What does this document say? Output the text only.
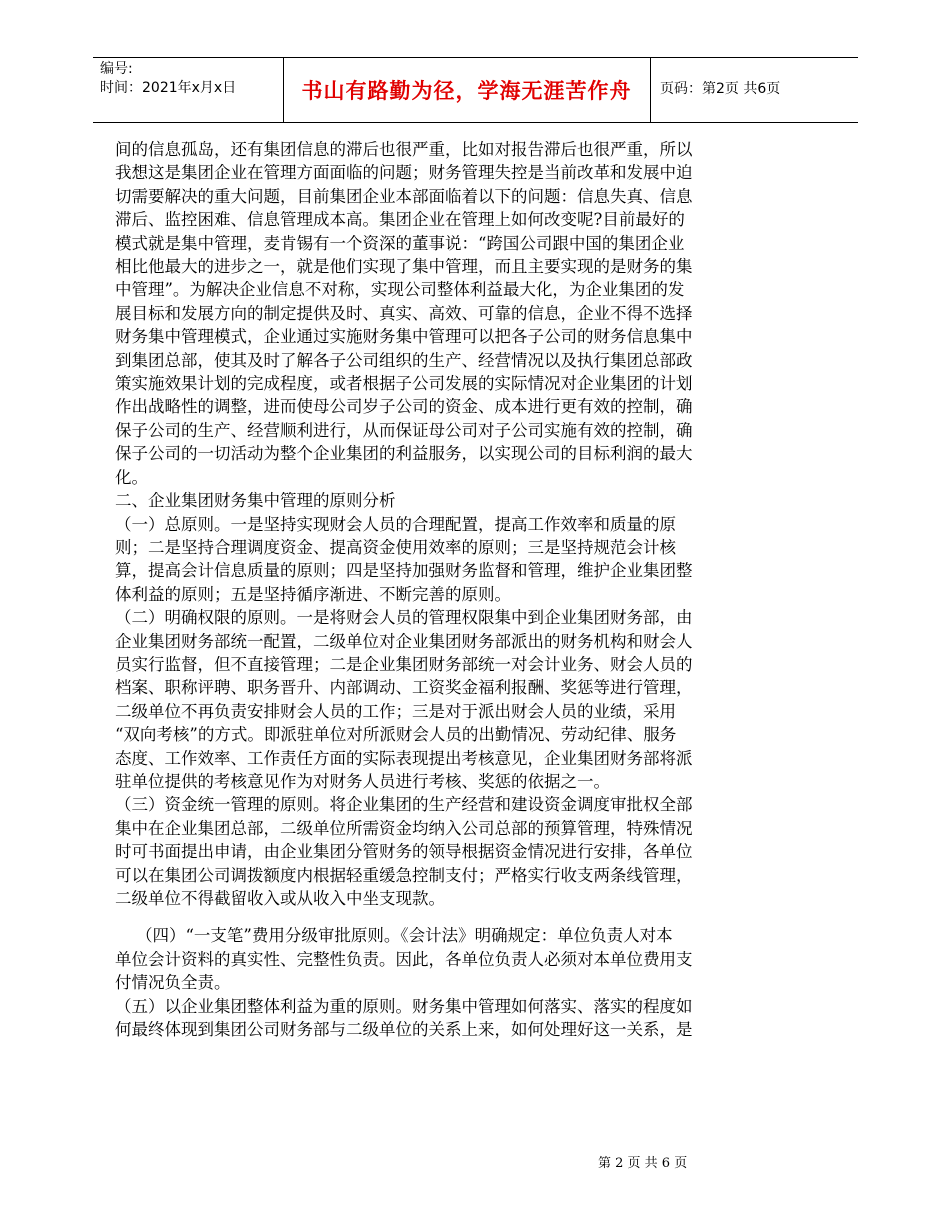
编号:
时间：2021年x月x日	书山有路勤为径，学海无涯苦作舟	页码：第2页 共6页

间的信息孤岛，还有集团信息的滞后也很严重，比如对报告滞后也很严重，所以
我想这是集团企业在管理方面面临的问题；财务管理失控是当前改革和发展中迫
切需要解决的重大问题，目前集团企业本部面临着以下的问题：信息失真、信息
滞后、监控困难、信息管理成本高。集团企业在管理上如何改变呢?目前最好的
模式就是集中管理，麦肯锡有一个资深的董事说：“跨国公司跟中国的集团企业
相比他最大的进步之一，就是他们实现了集中管理，而且主要实现的是财务的集
中管理”。为解决企业信息不对称，实现公司整体利益最大化，为企业集团的发
展目标和发展方向的制定提供及时、真实、高效、可靠的信息，企业不得不选择
财务集中管理模式，企业通过实施财务集中管理可以把各子公司的财务信息集中
到集团总部，使其及时了解各子公司组织的生产、经营情况以及执行集团总部政
策实施效果计划的完成程度，或者根据子公司发展的实际情况对企业集团的计划
作出战略性的调整，进而使母公司岁子公司的资金、成本进行更有效的控制，确
保子公司的生产、经营顺利进行，从而保证母公司对子公司实施有效的控制，确
保子公司的一切活动为整个企业集团的利益服务，以实现公司的目标利润的最大
化。

二、企业集团财务集中管理的原则分析

（一）总原则。一是坚持实现财会人员的合理配置，提高工作效率和质量的原
则；二是坚持合理调度资金、提高资金使用效率的原则；三是坚持规范会计核
算，提高会计信息质量的原则；四是坚持加强财务监督和管理，维护企业集团整
体利益的原则；五是坚持循序渐进、不断完善的原则。

（二）明确权限的原则。一是将财会人员的管理权限集中到企业集团财务部，由
企业集团财务部统一配置，二级单位对企业集团财务部派出的财务机构和财会人
员实行监督，但不直接管理；二是企业集团财务部统一对会计业务、财会人员的
档案、职称评聘、职务晋升、内部调动、工资奖金福利报酬、奖惩等进行管理，
二级单位不再负责安排财会人员的工作；三是对于派出财会人员的业绩，采用
“双向考核”的方式。即派驻单位对所派财会人员的出勤情况、劳动纪律、服务
态度、工作效率、工作责任方面的实际表现提出考核意见，企业集团财务部将派
驻单位提供的考核意见作为对财务人员进行考核、奖惩的依据之一。

（三）资金统一管理的原则。将企业集团的生产经营和建设资金调度审批权全部
集中在企业集团总部，二级单位所需资金均纳入公司总部的预算管理，特殊情况
时可书面提出申请，由企业集团分管财务的领导根据资金情况进行安排，各单位
可以在集团公司调拨额度内根据轻重缓急控制支付；严格实行收支两条线管理，
二级单位不得截留收入或从收入中坐支现款。

（四）“一支笔”费用分级审批原则。《会计法》明确规定：单位负责人对本
单位会计资料的真实性、完整性负责。因此，各单位负责人必须对本单位费用支
付情况负全责。

（五）以企业集团整体利益为重的原则。财务集中管理如何落实、落实的程度如
何最终体现到集团公司财务部与二级单位的关系上来，如何处理好这一关系，是

第 2 页 共 6 页
